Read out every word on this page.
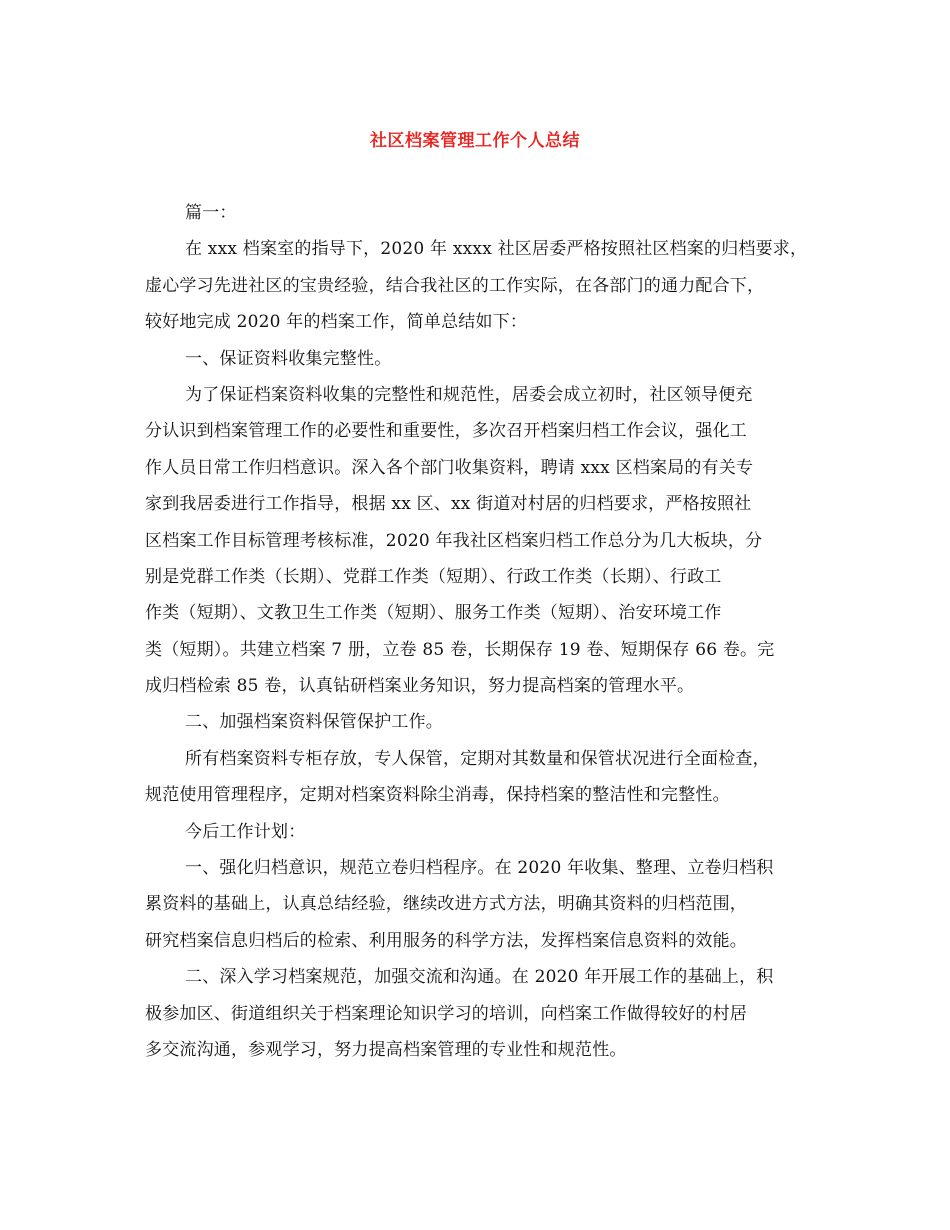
社区档案管理工作个人总结
篇一：
在 xxx 档案室的指导下，2020 年 xxxx 社区居委严格按照社区档案的归档要求，
虚心学习先进社区的宝贵经验，结合我社区的工作实际，在各部门的通力配合下，
较好地完成 2020 年的档案工作，简单总结如下：
一、保证资料收集完整性。
为了保证档案资料收集的完整性和规范性，居委会成立初时，社区领导便充
分认识到档案管理工作的必要性和重要性，多次召开档案归档工作会议，强化工
作人员日常工作归档意识。深入各个部门收集资料，聘请 xxx 区档案局的有关专
家到我居委进行工作指导，根据 xx 区、xx 街道对村居的归档要求，严格按照社
区档案工作目标管理考核标准，2020 年我社区档案归档工作总分为几大板块，分
别是党群工作类（长期）、党群工作类（短期）、行政工作类（长期）、行政工
作类（短期）、文教卫生工作类（短期）、服务工作类（短期）、治安环境工作
类（短期）。共建立档案 7 册，立卷 85 卷，长期保存 19 卷、短期保存 66 卷。完
成归档检索 85 卷，认真钻研档案业务知识，努力提高档案的管理水平。
二、加强档案资料保管保护工作。
所有档案资料专柜存放，专人保管，定期对其数量和保管状况进行全面检查，
规范使用管理程序，定期对档案资料除尘消毒，保持档案的整洁性和完整性。
今后工作计划：
一、强化归档意识，规范立卷归档程序。在 2020 年收集、整理、立卷归档积
累资料的基础上，认真总结经验，继续改进方式方法，明确其资料的归档范围，
研究档案信息归档后的检索、利用服务的科学方法，发挥档案信息资料的效能。
二、深入学习档案规范，加强交流和沟通。在 2020 年开展工作的基础上，积
极参加区、街道组织关于档案理论知识学习的培训，向档案工作做得较好的村居
多交流沟通，参观学习，努力提高档案管理的专业性和规范性。
